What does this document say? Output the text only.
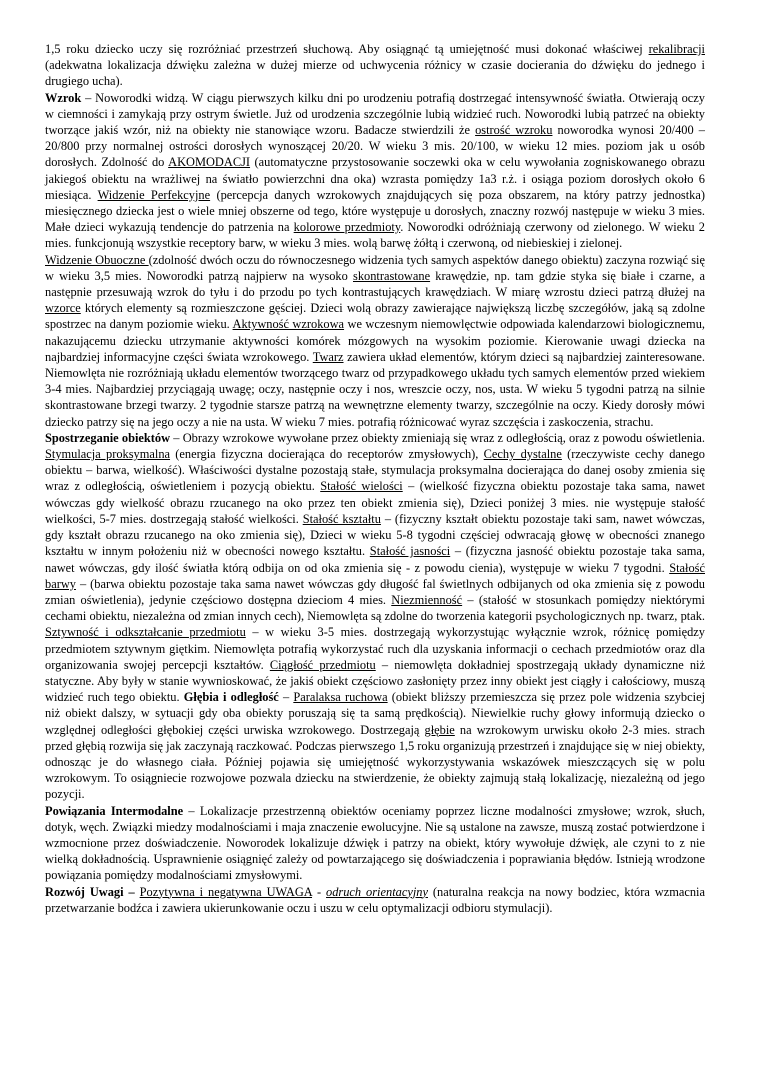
1,5 roku dziecko uczy się rozróżniać przestrzeń słuchową. Aby osiągnąć tą umiejętność musi dokonać właściwej rekalibracji (adekwatna lokalizacja dźwięku zależna w dużej mierze od uchwycenia różnicy w czasie docierania do dźwięku do jednego i drugiego ucha).

Wzrok – Noworodki widzą. W ciągu pierwszych kilku dni po urodzeniu potrafią dostrzegać intensywność światła. Otwierają oczy w ciemności i zamykają przy ostrym świetle. Już od urodzenia szczególnie lubią widzieć ruch. Noworodki lubią patrzeć na obiekty tworzące jakiś wzór, niż na obiekty nie stanowiące wzoru. Badacze stwierdzili że ostrość wzroku noworodka wynosi 20/400 – 20/800 przy normalnej ostrości dorosłych wynoszącej 20/20. W wieku 3 mis. 20/100, w wieku 12 mies. poziom jak u osób dorosłych. Zdolność do AKOMODACJI (automatyczne przystosowanie soczewki oka w celu wywołania zogniskowanego obrazu jakiegoś obiektu na wrażliwej na światło powierzchni dna oka) wzrasta pomiędzy 1a3 r.ż. i osiąga poziom dorosłych około 6 miesiąca. Widzenie Perfekcyjne (percepcja danych wzrokowych znajdujących się poza obszarem, na który patrzy jednostka) miesięcznego dziecka jest o wiele mniej obszerne od tego, które występuje u dorosłych, znaczny rozwój następuje w wieku 3 mies. Małe dzieci wykazują tendencje do patrzenia na kolorowe przedmioty. Noworodki odróżniają czerwony od zielonego. W wieku 2 mies. funkcjonują wszystkie receptory barw, w wieku 3 mies. wolą barwę żółtą i czerwoną, od niebieskiej i zielonej.

Widzenie Obuoczne (zdolność dwóch oczu do równoczesnego widzenia tych samych aspektów danego obiektu) zaczyna rozwiąć się w wieku 3,5 mies. Noworodki patrzą najpierw na wysoko skontrastowane krawędzie, np. tam gdzie styka się białe i czarne, a następnie przesuwają wzrok do tyłu i do przodu po tych kontrastujących krawędziach. W miarę wzrostu dzieci patrzą dłużej na wzorce których elementy są rozmieszczone gęściej. Dzieci wolą obrazy zawierające największą liczbę szczegółów, jaką są zdolne spostrzec na danym poziomie wieku. Aktywność wzrokowa we wczesnym niemowlęctwie odpowiada kalendarzowi biologicznemu, nakazującemu dziecku utrzymanie aktywności komórek mózgowych na wysokim poziomie. Kierowanie uwagi dziecka na najbardziej informacyjne części świata wzrokowego. Twarz zawiera układ elementów, którym dzieci są najbardziej zainteresowane. Niemowlęta nie rozróżniają układu elementów tworzącego twarz od przypadkowego układu tych samych elementów przed wiekiem 3-4 mies. Najbardziej przyciągają uwagę; oczy, następnie oczy i nos, wreszcie oczy, nos, usta. W wieku 5 tygodni patrzą na silnie skontrastowane brzegi twarzy. 2 tygodnie starsze patrzą na wewnętrzne elementy twarzy, szczególnie na oczy. Kiedy dorosły mówi dziecko patrzy się na jego oczy a nie na usta. W wieku 7 mies. potrafią różnicować wyraz szczęścia i zaskoczenia, strachu.

Spostrzeganie obiektów – Obrazy wzrokowe wywołane przez obiekty zmieniają się wraz z odległością, oraz z powodu oświetlenia. Stymulacja proksymalna (energia fizyczna docierająca do receptorów zmysłowych), Cechy dystalne (rzeczywiste cechy danego obiektu – barwa, wielkość). Właściwości dystalne pozostają stałe, stymulacja proksymalna docierająca do danej osoby zmienia się wraz z odległością, oświetleniem i pozycją obiektu. Stałość wielości – (wielkość fizyczna obiektu pozostaje taka sama, nawet wówczas gdy wielkość obrazu rzucanego na oko przez ten obiekt zmienia się), Dzieci poniżej 3 mies. nie występuje stałość wielkości, 5-7 mies. dostrzegają stałość wielkości. Stałość kształtu – (fizyczny kształt obiektu pozostaje taki sam, nawet wówczas, gdy kształt obrazu rzucanego na oko zmienia się), Dzieci w wieku 5-8 tygodni częściej odwracają głowę w obecności znanego kształtu w innym położeniu niż w obecności nowego kształtu. Stałość jasności – (fizyczna jasność obiektu pozostaje taka sama, nawet wówczas, gdy ilość światła którą odbija on od oka zmienia się - z powodu cienia), występuje w wieku 7 tygodni. Stałość barwy – (barwa obiektu pozostaje taka sama nawet wówczas gdy długość fal świetlnych odbijanych od oka zmienia się z powodu zmian oświetlenia), jedynie częściowo dostępna dzieciom 4 mies. Niezmienność – (stałość w stosunkach pomiędzy niektórymi cechami obiektu, niezależna od zmian innych cech), Niemowlęta są zdolne do tworzenia kategorii psychologicznych np. twarz, ptak. Sztywność i odkształcanie przedmiotu – w wieku 3-5 mies. dostrzegają wykorzystując wyłącznie wzrok, różnicę pomiędzy przedmiotem sztywnym giętkim. Niemowlęta potrafią wykorzystać ruch dla uzyskania informacji o cechach przedmiotów oraz dla organizowania swojej percepcji kształtów. Ciągłość przedmiotu – niemowlęta dokładniej spostrzegają układy dynamiczne niż statyczne. Aby były w stanie wywnioskować, że jakiś obiekt częściowo zasłonięty przez inny obiekt jest ciągły i całościowy, muszą widzieć ruch tego obiektu. Głębia i odległość – Paralaksa ruchowa (obiekt bliższy przemieszcza się przez pole widzenia szybciej niż obiekt dalszy, w sytuacji gdy oba obiekty poruszają się ta samą prędkością). Niewielkie ruchy głowy informują dziecko o względnej odległości głębokiej części urwiska wzrokowego. Dostrzegają głębie na wzrokowym urwisku około 2-3 mies. strach przed głębią rozwija się jak zaczynają raczkować. Podczas pierwszego 1,5 roku organizują przestrzeń i znajdujące się w niej obiekty, odnosząc je do własnego ciała. Później pojawia się umiejętność wykorzystywania wskazówek mieszczących się w polu wzrokowym. To osiągniecie rozwojowe pozwala dziecku na stwierdzenie, że obiekty zajmują stałą lokalizację, niezależną od jego pozycji.

Powiązania Intermodalne – Lokalizacje przestrzenną obiektów oceniamy poprzez liczne modalności zmysłowe; wzrok, słuch, dotyk, węch. Związki miedzy modalnościami i maja znaczenie ewolucyjne. Nie są ustalone na zawsze, muszą zostać potwierdzone i wzmocnione przez doświadczenie. Noworodek lokalizuje dźwięk i patrzy na obiekt, który wywołuje dźwięk, ale czyni to z nie wielką dokładnością. Usprawnienie osiągnięć zależy od powtarzającego się doświadczenia i poprawiania błędów. Istnieją wrodzone powiązania pomiędzy modalnościami zmysłowymi.

Rozwój Uwagi – Pozytywna i negatywna UWAGA - odruch orientacyjny (naturalna reakcja na nowy bodziec, która wzmacnia przetwarzanie bodźca i zawiera ukierunkowanie oczu i uszu w celu optymalizacji odbioru stymulacji).
